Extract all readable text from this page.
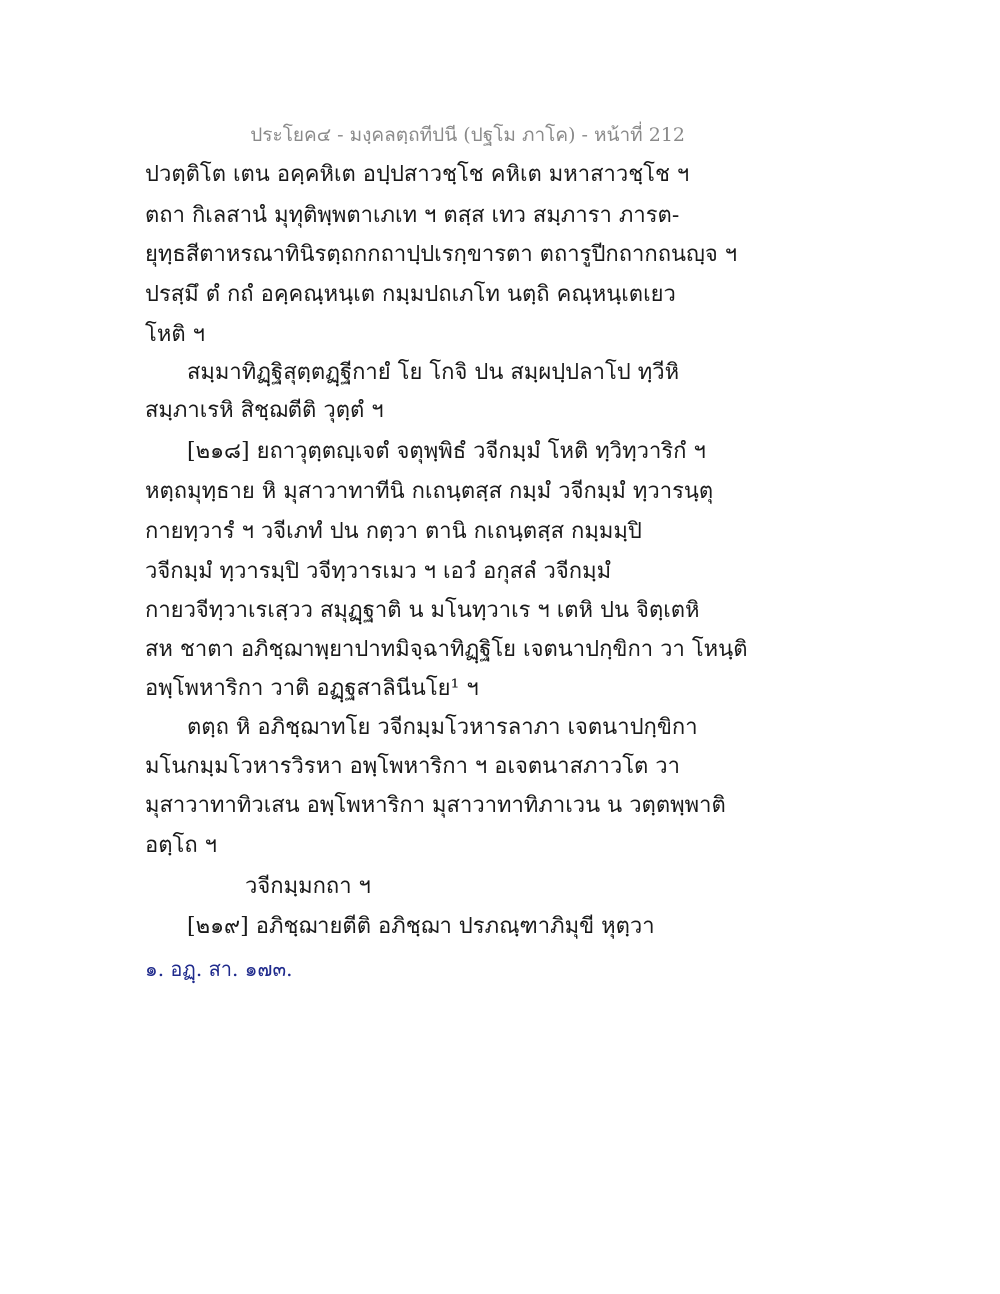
ประโยค๔ - มงฺคลตฺถทีปนี (ปฐโม ภาโค) - หน้าที่ 212
ปวตฺติโต เตน อคฺคหิเต อปฺปสาวชฺโช คหิเต มหาสาวชฺโช ฯ
ตถา กิเลสานํ มุทุติพฺพตาเภเท ฯ ตสฺส เทว สมฺภารา ภารต-
ยุทฺธสีตาหรณาทินิรตฺถกกถาปฺปเรกฺขารตา ตถารูปีกถากถนญฺจ ฯ
ปรสฺมึ ตํ กถํ อคฺคณฺหนฺเต กมฺมปถเภโท นตฺถิ คณฺหนฺเตเยว
โหติ ฯ
สมฺมาทิฏฺฐิสุตฺตฏฺฐีกายํ โย โกจิ ปน สมฺผปฺปลาโป ทฺวีหิ
สมฺภาเรหิ สิชฺฌตีติ วุตฺตํ ฯ
[๒๑๘] ยถาวุตฺตญฺเจตํ จตุพฺพิธํ วจีกมฺมํ โหติ ทฺวิทฺวาริกํ ฯ
หตฺถมุทฺธาย หิ มุสาวาทาทีนิ กเถนฺตสฺส กมฺมํ วจีกมฺมํ ทฺวารนฺตุ
กายทฺวารํ ฯ วจีเภทํ ปน กตฺวา ตานิ กเถนฺตสฺส กมฺมมฺปิ
วจีกมฺมํ ทฺวารมฺปิ วจีทฺวารเมว ฯ เอวํ อกุสลํ วจีกมฺมํ
กายวจีทฺวาเรเสฺวว สมุฏฺฐาติ น มโนทฺวาเร ฯ เตหิ ปน จิตฺเตหิ
สห ชาตา อภิชฺฌาพฺยาปาทมิจฺฉาทิฏฺฐิโย เจตนาปกฺขิกา วา โหนฺติ
อพฺโพหาริกา วาติ อฏฺฐสาลินีนโย¹ ฯ
ตตฺถ หิ อภิชฺฌาทโย วจีกมฺมโวหารลาภา เจตนาปกฺขิกา
มโนกมฺมโวหารวิรหา อพฺโพหาริกา ฯ อเจตนาสภาวโต วา
มุสาวาทาทิวเสน อพฺโพหาริกา มุสาวาทาทิภาเวน น วตฺตพฺพาติ
อตฺโถ ฯ
วจีกมฺมกถา ฯ
[๒๑๙] อภิชฺฌายตีติ อภิชฺฌา ปรภณฺฑาภิมุขี หุตฺวา
๑. อฏฺ. สา. ๑๗๓.
